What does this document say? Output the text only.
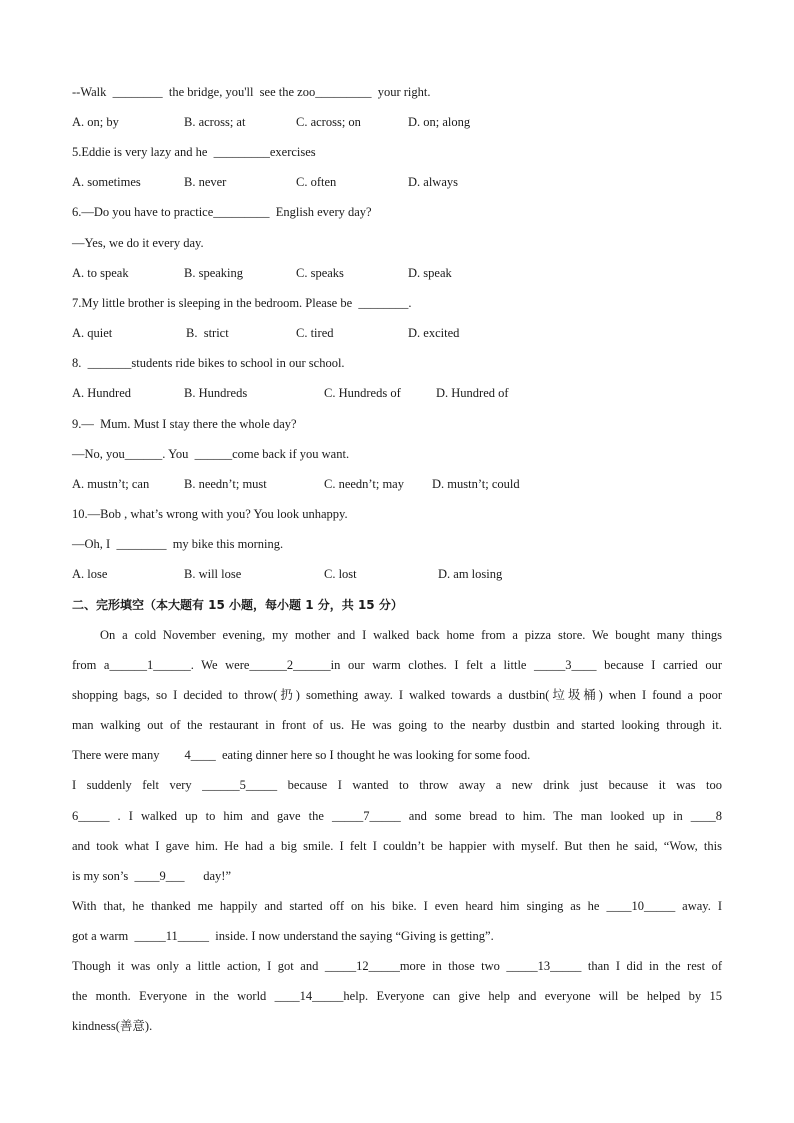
--Walk  ________  the bridge, you'll  see the zoo_________  your right.
A. on; by	B. across; at	C. across; on	D. on; along
5.Eddie is very lazy and he  _________exercises
A. sometimes	B. never	C. often	D. always
6.—Do you have to practice_________  English every day?
—Yes, we do it every day.
A. to speak	B. speaking	C. speaks	D. speak
7.My little brother is sleeping in the bedroom. Please be  ________.
A. quiet	B.  strict	C. tired	D. excited
8.  _______students ride bikes to school in our school.
A. Hundred	B. Hundreds	C. Hundreds of	D. Hundred of
9.—  Mum. Must I stay there the whole day?
—No, you______. You  ______come back if you want.
A. mustn’t; can	B. needn’t; must	C. needn’t; may D. mustn’t; could
10.—Bob , what’s wrong with you? You look unhappy.
—Oh, I  ________  my bike this morning.
A. lose	B. will lose	C. lost	D. am losing
二、完形填空（本大题有 15 小题，每小题 1 分，共 15 分）
On a cold November evening, my mother and I walked back home from a pizza store. We bought many things
from a______1______. We were______2______in our warm clothes. I felt a little _____3____ because I carried our
shopping bags, so I decided to throw(扔) something away. I walked towards a dustbin(垃圾桶) when I found a poor
man walking out of the restaurant in front of us. He was going to the nearby dustbin and started looking through it.
There were many        4____  eating dinner here so I thought he was looking for some food.
I suddenly felt very ______5_____ because I wanted to throw away a new drink just because it was too
6_____ . I walked up to him and gave the _____7_____ and some bread to him. The man looked up in ____8
and took what I gave him. He had a big smile. I felt I couldn’t be happier with myself. But then he said, “Wow, this
is my son’s  ____9___      day!”
With that, he thanked me happily and started off on his bike. I even heard him singing as he ____10_____ away. I
got a warm  _____11_____  inside. I now understand the saying “Giving is getting”.
Though it was only a little action, I got and _____12_____more in those two _____13_____ than I did in the rest of
the month. Everyone in the world ____14_____help. Everyone can give help and everyone will be helped by 15
kindness(善意).
